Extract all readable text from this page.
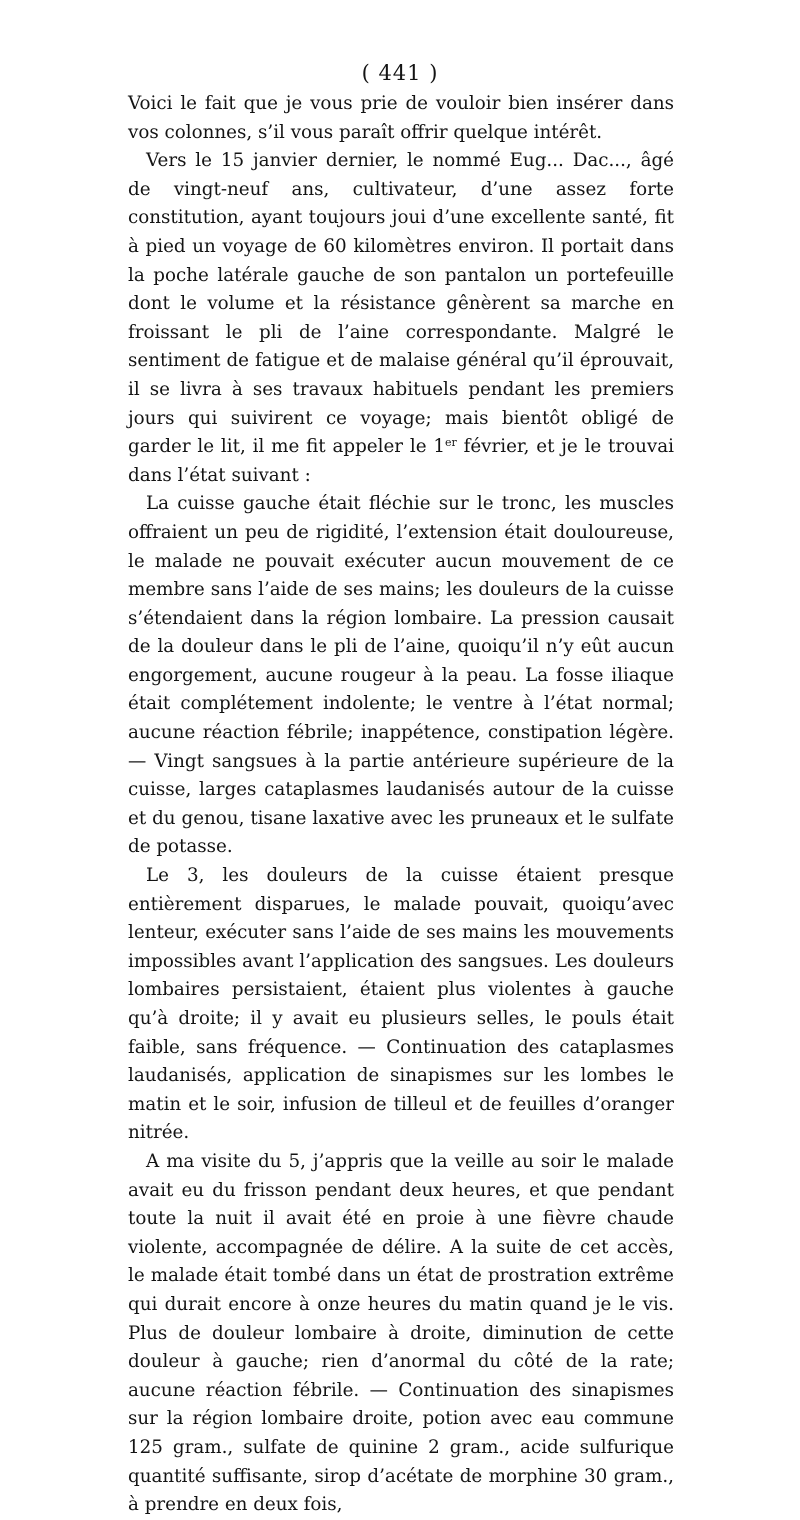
( 441 )

Voici le fait que je vous prie de vouloir bien insérer dans vos colonnes, s’il vous paraît offrir quelque intérêt.

Vers le 15 janvier dernier, le nommé Eug... Dac..., âgé de vingt-neuf ans, cultivateur, d’une assez forte constitution, ayant toujours joui d’une excellente santé, fit à pied un voyage de 60 kilomètres environ. Il portait dans la poche latérale gauche de son pantalon un portefeuille dont le volume et la résistance gênèrent sa marche en froissant le pli de l’aine correspondante. Malgré le sentiment de fatigue et de malaise général qu’il éprouvait, il se livra à ses travaux habituels pendant les premiers jours qui suivirent ce voyage; mais bientôt obligé de garder le lit, il me fit appeler le 1er février, et je le trouvai dans l’état suivant :

La cuisse gauche était fléchie sur le tronc, les muscles offraient un peu de rigidité, l’extension était douloureuse, le malade ne pouvait exécuter aucun mouvement de ce membre sans l’aide de ses mains; les douleurs de la cuisse s’étendaient dans la région lombaire. La pression causait de la douleur dans le pli de l’aine, quoiqu’il n’y eût aucun engorgement, aucune rougeur à la peau. La fosse iliaque était complétement indolente; le ventre à l’état normal; aucune réaction fébrile; inappétence, constipation légère. — Vingt sangsues à la partie antérieure supérieure de la cuisse, larges cataplasmes laudanisés autour de la cuisse et du genou, tisane laxative avec les pruneaux et le sulfate de potasse.

Le 3, les douleurs de la cuisse étaient presque entièrement disparues, le malade pouvait, quoiqu’avec lenteur, exécuter sans l’aide de ses mains les mouvements impossibles avant l’application des sangsues. Les douleurs lombaires persistaient, étaient plus violentes à gauche qu’à droite; il y avait eu plusieurs selles, le pouls était faible, sans fréquence. — Continuation des cataplasmes laudanisés, application de sinapismes sur les lombes le matin et le soir, infusion de tilleul et de feuilles d’oranger nitrée.

A ma visite du 5, j’appris que la veille au soir le malade avait eu du frisson pendant deux heures, et que pendant toute la nuit il avait été en proie à une fièvre chaude violente, accompagnée de délire. A la suite de cet accès, le malade était tombé dans un état de prostration extrême qui durait encore à onze heures du matin quand je le vis. Plus de douleur lombaire à droite, diminution de cette douleur à gauche; rien d’anormal du côté de la rate; aucune réaction fébrile. — Continuation des sinapismes sur la région lombaire droite, potion avec eau commune 125 gram., sulfate de quinine 2 gram., acide sulfurique quantité suffisante, sirop d’acétate de morphine 30 gram., à prendre en deux fois,
